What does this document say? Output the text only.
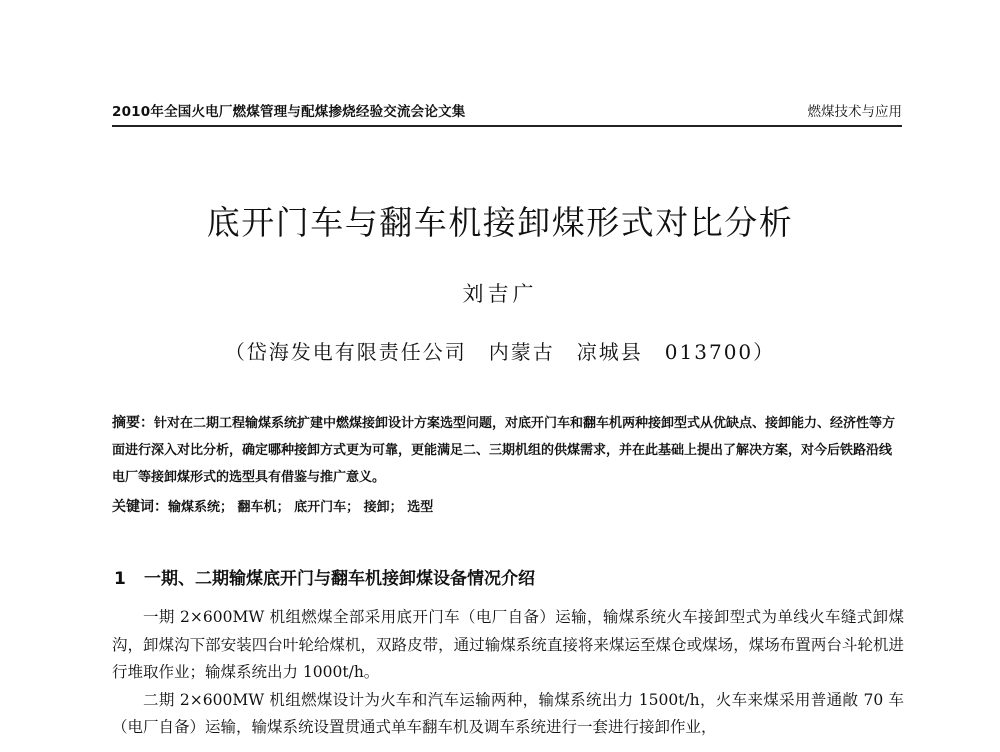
2010年全国火电厂燃煤管理与配煤掺烧经验交流会论文集	燃煤技术与应用
底开门车与翻车机接卸煤形式对比分析
刘吉广
（岱海发电有限责任公司　内蒙古　凉城县　013700）
摘要：针对在二期工程输煤系统扩建中燃煤接卸设计方案选型问题，对底开门车和翻车机两种接卸型式从优缺点、接卸能力、经济性等方面进行深入对比分析，确定哪种接卸方式更为可靠，更能满足二、三期机组的供煤需求，并在此基础上提出了解决方案，对今后铁路沿线电厂等接卸煤形式的选型具有借鉴与推广意义。
关键词：输煤系统 ； 翻车机 ； 底开门车 ； 接卸 ； 选型
1 一期、二期输煤底开门与翻车机接卸煤设备情况介绍

一期 2×600MW 机组燃煤全部采用底开门车（电厂自备）运输，输煤系统火车接卸型式为单线火车缝式卸煤沟，卸煤沟下部安装四台叶轮给煤机，双路皮带，通过输煤系统直接将来煤运至煤仓或煤场，煤场布置两台斗轮机进行堆取作业；输煤系统出力 1000t/h。

二期 2×600MW 机组燃煤设计为火车和汽车运输两种，输煤系统出力 1500t/h，火车来煤采用普通敞 70 车（电厂自备）运输，输煤系统设置贯通式单车翻车机及调车系统进行一套进行接卸作业，
